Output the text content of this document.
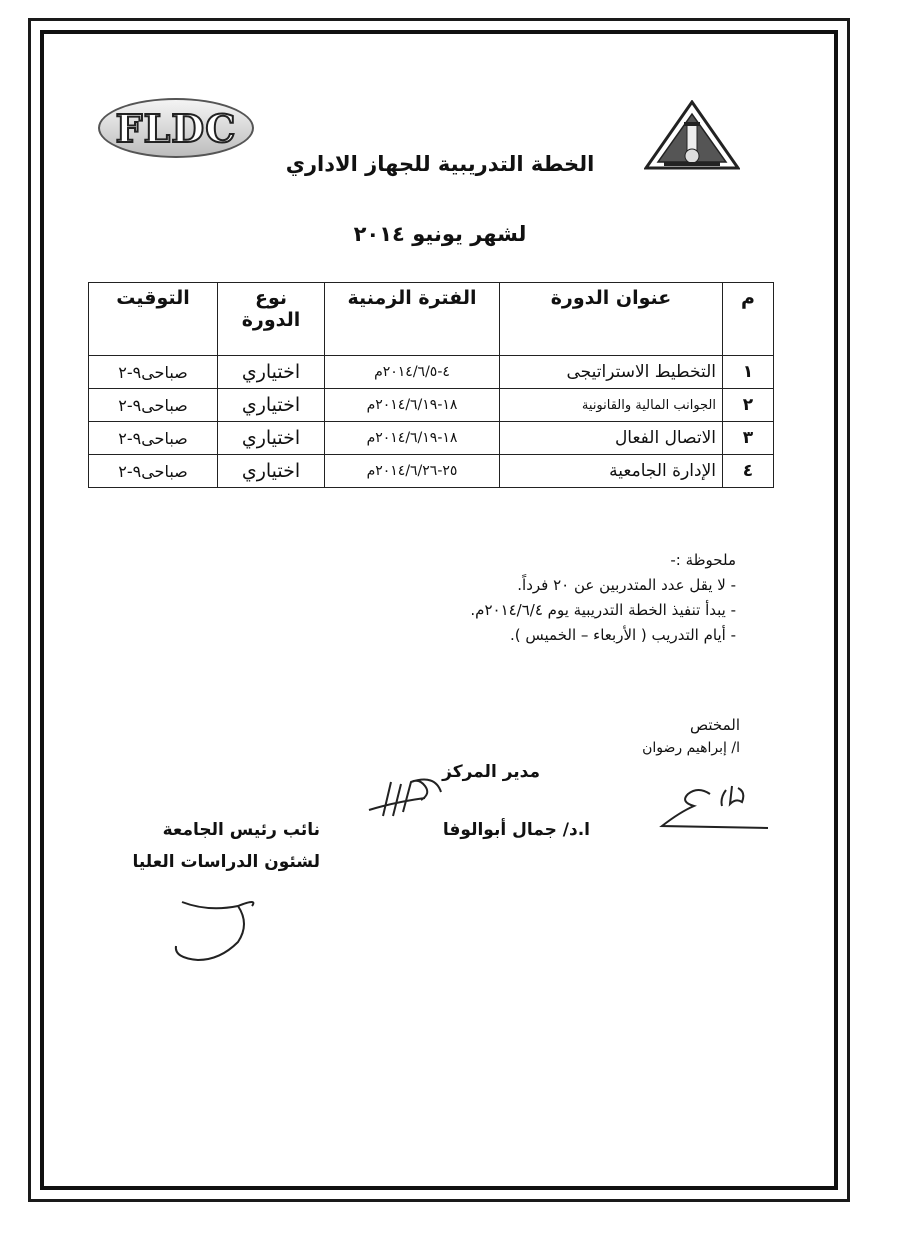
FLDC
الخطة التدريبية للجهاز الاداري
لشهر يونيو ٢٠١٤
م	عنوان الدورة	الفترة الزمنية	نوع الدورة	التوقيت
١	التخطيط الاستراتيجى	٤-٢٠١٤/٦/٥م	اختياري	صباحى٩-٢
٢	الجوانب المالية والقانونية	١٨-٢٠١٤/٦/١٩م	اختياري	صباحى٩-٢
٣	الاتصال الفعال	١٨-٢٠١٤/٦/١٩م	اختياري	صباحى٩-٢
٤	الإدارة الجامعية	٢٥-٢٠١٤/٦/٢٦م	اختياري	صباحى٩-٢
ملحوظة :-
- لا يقل عدد المتدربين عن ٢٠ فرداً.
- يبدأ تنفيذ الخطة التدريبية يوم ٢٠١٤/٦/٤م.
- أيام التدريب ( الأربعاء – الخميس ).
المختص
ا/ إبراهيم رضوان
مدير المركز
ا.د/ جمال أبوالوفا
نائب رئيس الجامعة
لشئون الدراسات العليا
